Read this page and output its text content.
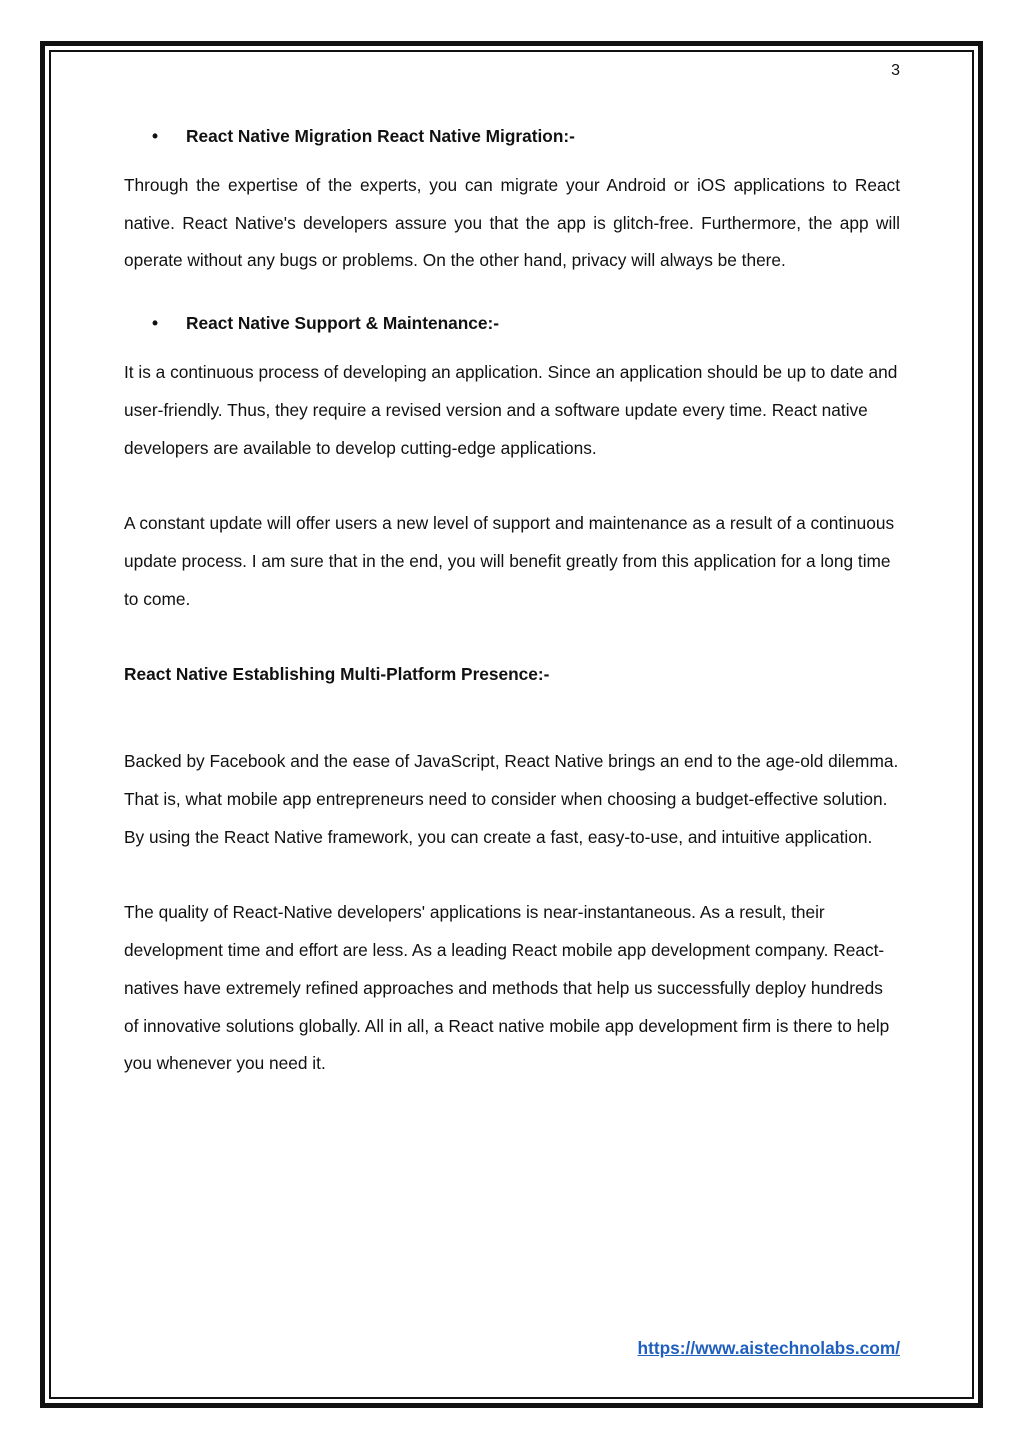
3

• React Native Migration React Native Migration:-

Through the expertise of the experts, you can migrate your Android or iOS applications to React native. React Native's developers assure you that the app is glitch-free. Furthermore, the app will operate without any bugs or problems. On the other hand, privacy will always be there.

• React Native Support & Maintenance:-

It is a continuous process of developing an application. Since an application should be up to date and user-friendly. Thus, they require a revised version and a software update every time. React native developers are available to develop cutting-edge applications.

A constant update will offer users a new level of support and maintenance as a result of a continuous update process. I am sure that in the end, you will benefit greatly from this application for a long time to come.

React Native Establishing Multi-Platform Presence:-

Backed by Facebook and the ease of JavaScript, React Native brings an end to the age-old dilemma. That is, what mobile app entrepreneurs need to consider when choosing a budget-effective solution. By using the React Native framework, you can create a fast, easy-to-use, and intuitive application.

The quality of React-Native developers' applications is near-instantaneous. As a result, their development time and effort are less. As a leading React mobile app development company. React-natives have extremely refined approaches and methods that help us successfully deploy hundreds of innovative solutions globally. All in all, a React native mobile app development firm is there to help you whenever you need it.

https://www.aistechnolabs.com/
